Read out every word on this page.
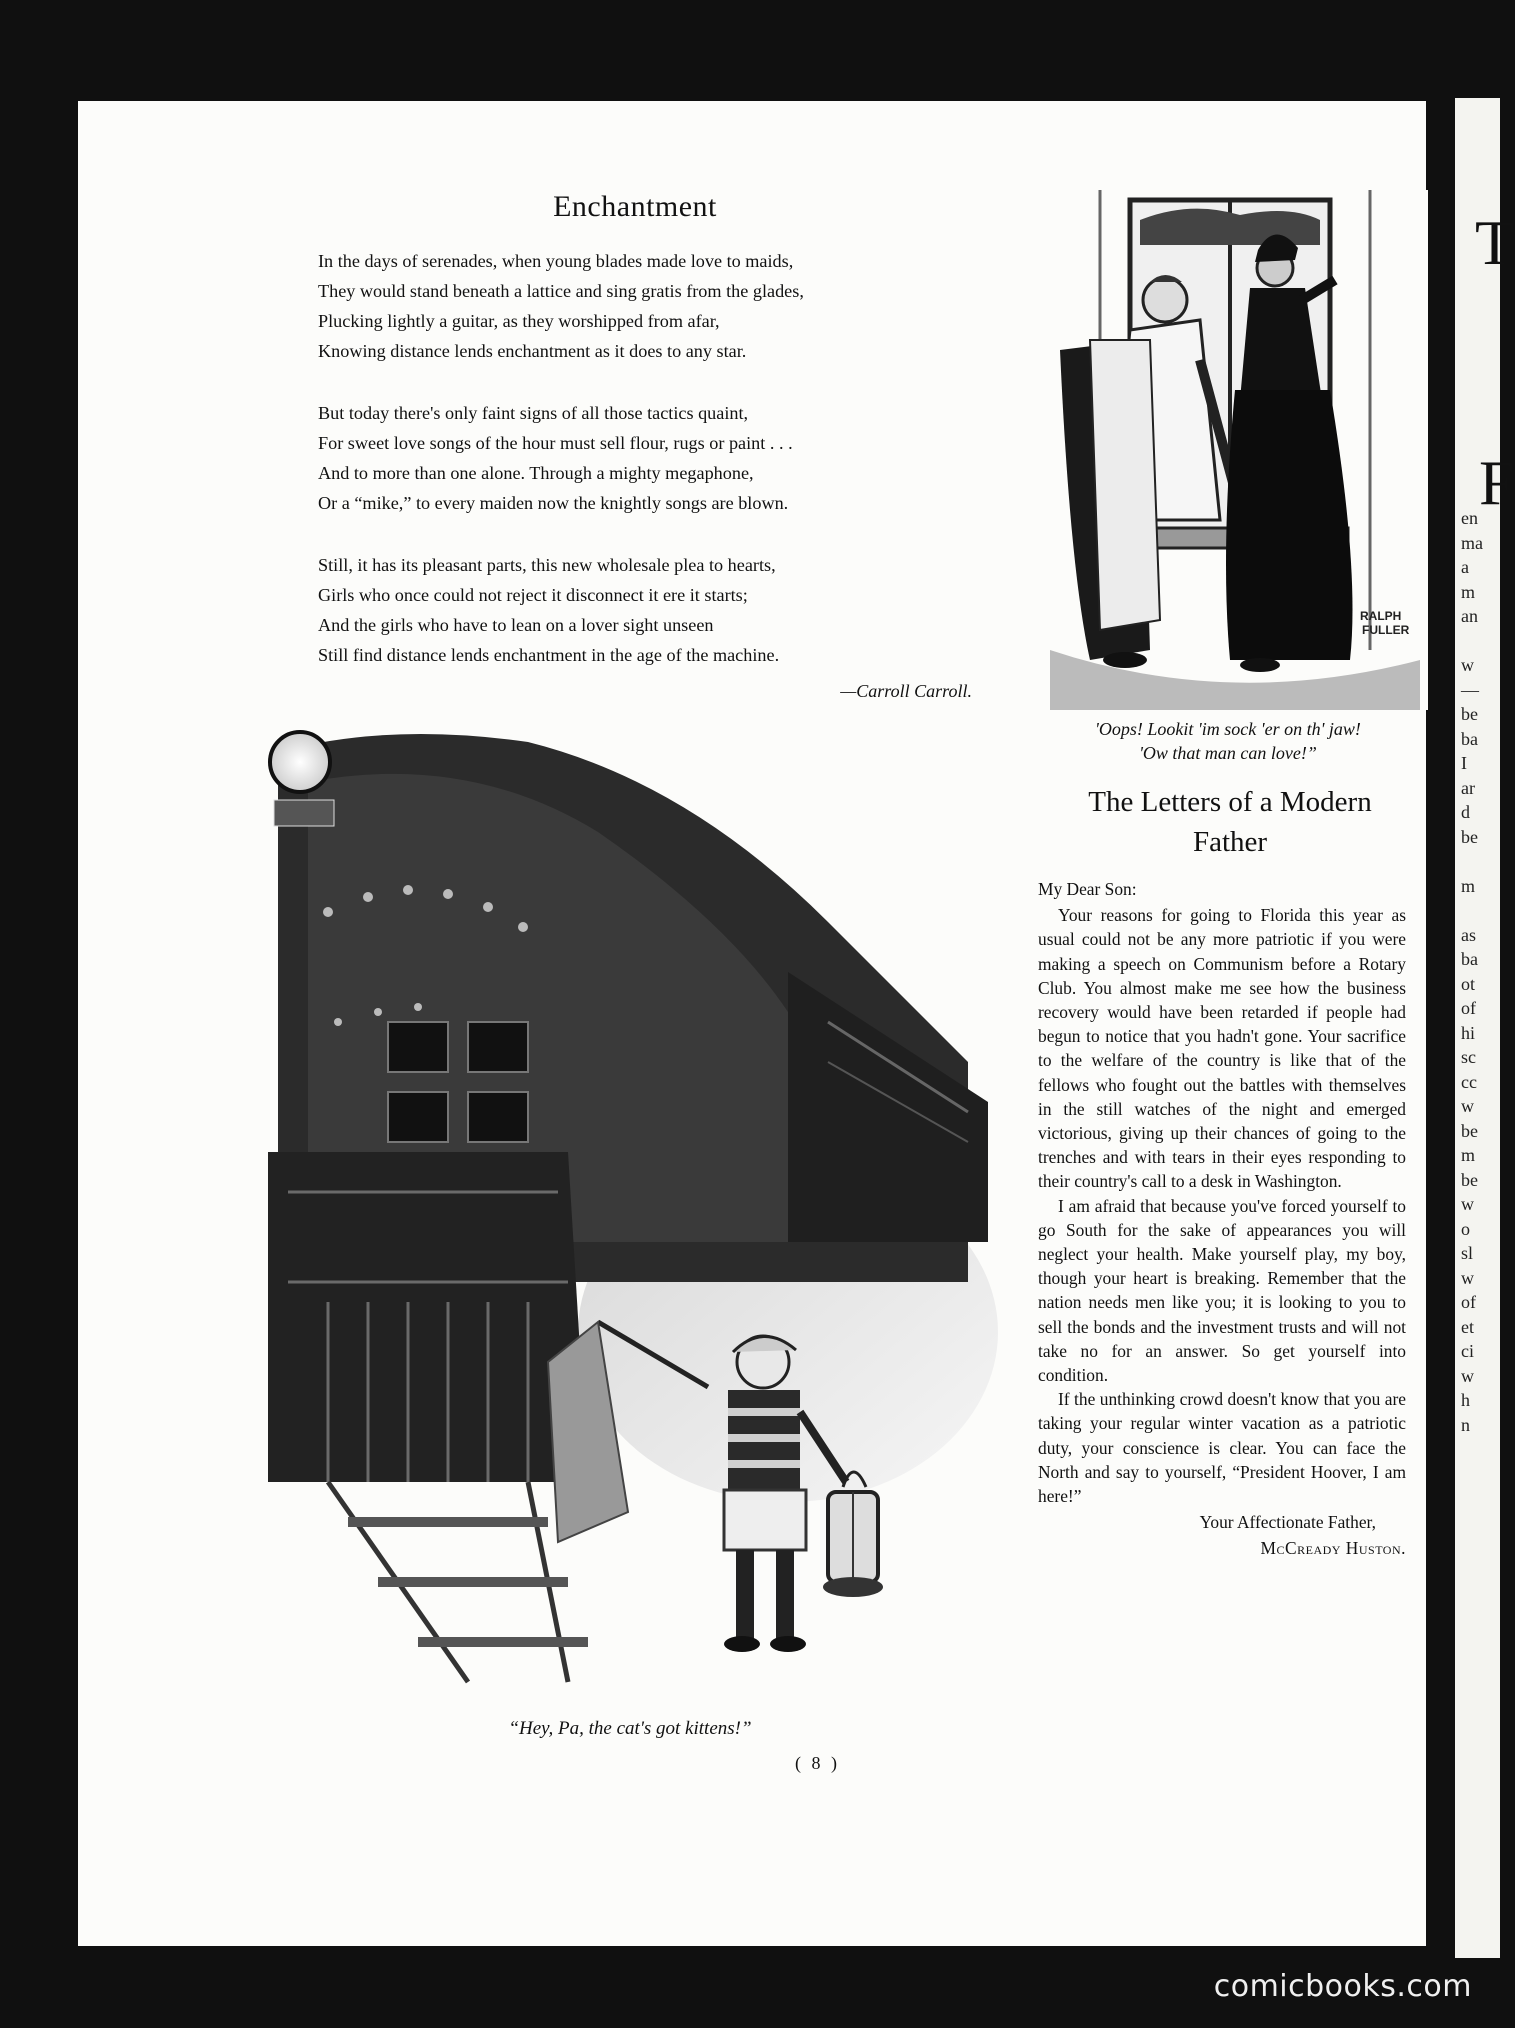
T
F
en
ma
a
m
an
w
—
be
ba
I
ar
d
be
m
as
ba
ot
of
hi
sc
cc
w
be
m
be
w
o
sl
w
of
et
ci
w
h
n
Enchantment
In the days of serenades, when young blades made love to maids,
They would stand beneath a lattice and sing gratis from the glades,
Plucking lightly a guitar, as they worshipped from afar,
Knowing distance lends enchantment as it does to any star.
But today there's only faint signs of all those tactics quaint,
For sweet love songs of the hour must sell flour, rugs or paint . . .
And to more than one alone. Through a mighty megaphone,
Or a “mike,” to every maiden now the knightly songs are blown.
Still, it has its pleasant parts, this new wholesale plea to hearts,
Girls who once could not reject it disconnect it ere it starts;
And the girls who have to lean on a lover sight unseen
Still find distance lends enchantment in the age of the machine.
—Carroll Carroll.
“Hey, Pa, the cat's got kittens!”
( 8 )
RALPH
FULLER
'Oops! Lookit 'im sock 'er on th' jaw!
'Ow that man can love!”
The Letters of a Modern
Father
My Dear Son:

Your reasons for going to Florida this year as usual could not be any more patriotic if you were making a speech on Communism before a Rotary Club. You almost make me see how the business recovery would have been retarded if people had begun to notice that you hadn't gone. Your sacrifice to the welfare of the country is like that of the fellows who fought out the battles with themselves in the still watches of the night and emerged victorious, giving up their chances of going to the trenches and with tears in their eyes responding to their country's call to a desk in Washington.

I am afraid that because you've forced yourself to go South for the sake of appearances you will neglect your health. Make yourself play, my boy, though your heart is breaking. Remember that the nation needs men like you; it is looking to you to sell the bonds and the investment trusts and will not take no for an answer. So get yourself into condition.

If the unthinking crowd doesn't know that you are taking your regular winter vacation as a patriotic duty, your conscience is clear. You can face the North and say to yourself, “President Hoover, I am here!”

Your Affectionate Father,
McCready Huston.
comicbooks.com
